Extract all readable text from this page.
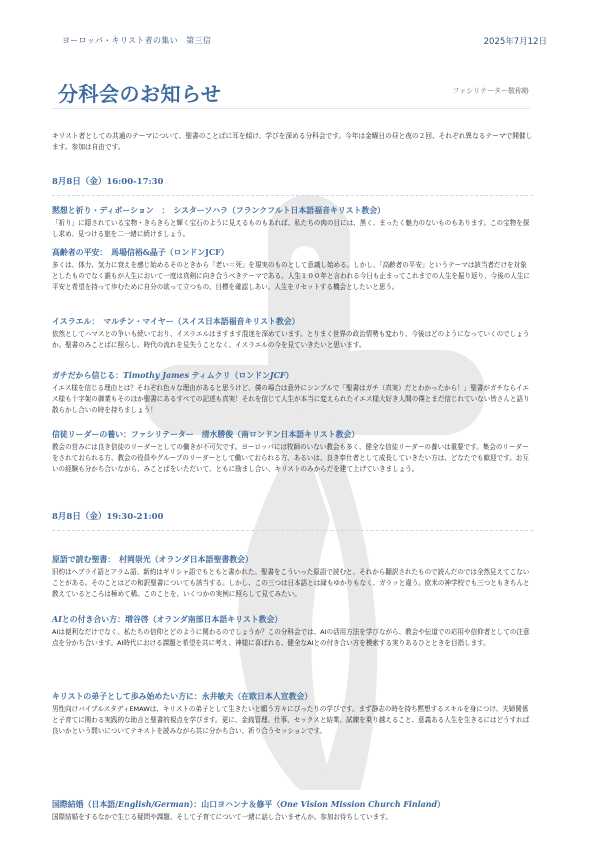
ヨーロッパ・キリスト者の集い　第三信	2025年7月12日
分科会のお知らせ	ファシリテーター敬称略

キリスト者としての共通のテーマについて、聖書のことばに耳を傾け、学びを深める分科会です。今年は金曜日の昼と夜の２回、それぞれ異なるテーマで開催します。参加は自由です。

8月8日（金）16:00-17:30
黙想と祈り・ディボーション　：　シスターソハラ（フランクフルト日本語福音キリスト教会）
「祈り」に隠されている宝物・きらきらと輝く宝石のように見えるものもあれば、私たちの肉の目には、黒く、まったく魅力のないものもあります。この宝物を探し求め、見つける旅を二一緒に続けましょう。
高齢者の平安：　馬場信裕&晶子（ロンドンJCF）
多くは、体力、気力に衰えを感じ始めるそのときから「老い＝死」を現実のものとして意識し始める。しかし、「高齢者の平安」というテーマは該当者だけを対象としたものでなく誰もが人生において一度は真剣に向き合うべきテーマである。人生１００年と言われる今日も止まってこれまでの人生を振り返り、今後の人生に平安と希望を持って歩むために自分の欲って立つもの、目標を確認しあい、人生をリセットする機会としたいと思う。
イスラエル：　マルチン・マイヤー（スイス日本語福音キリスト教会）
依然としてハマスとの争いも続いており、イスラエルはますます混迷を深めています。とりまく世界の政治情勢も変わり、今後はどのようになっていくのでしょうか。聖書のみことばに照らし、時代の流れを見失うことなく、イスラエルの今を見ていきたいと思います。
ガチだから信じる：Timothy James ティムクリ（ロンドンJCF）
イエス様を信じる理由とは？それぞれ色々な理由があると思うけど、僕の場合は意外にシンプルで「聖書はガチ（真実）だとわかったから！」聖書がガチならイエス様も十字架の御業もそのほか聖書にあるすべての記述も真実！それを信じて人生が本当に変えられたイエス様大好き人間の僕とまだ信じれていない皆さんと語り散らかし合いの時を持ちましょう！
信徒リーダーの養い：ファシリテーター　清水勝俊（南ロンドン日本語キリスト教会）
教会の営みには良き信徒のリーダーとしての働きが不可欠です。ヨーロッパには牧師のいない教会も多く、健全な信徒リーダーの養いは重要です。集会のリーダーをされておられる方、教会の役員やグループのリーダーとして働いておられる方、あるいは、良き奉仕者として成長していきたい方は、どなたでも歓迎です。お互いの経験も分かち合いながら、みことばをいただいて、ともに励まし合い、キリストのみからだを建て上げていきましょう。
8月8日（金）19:30-21:00
原語で読む聖書：　村岡崇光（オランダ日本語聖書教会）
旧約はヘブライ語とアラム語、新約はギリシャ語でもともと書かれた。聖書をこういった原語で読むと、それから翻訳されたもので読んだのでは全然見えてこないことがある。そのことはどの和訳聖書についても該当する。しかし、この三つは日本語とは縁もゆかりもなく、ガラッと違う。欧米の神学校でも三つともきちんと教えているところは極めて稀。このことを、いくつかの実例に照らして見てみたい。
AIとの付き合い方：増谷啓（オランダ南部日本語キリスト教会）
AIは便利なだけでなく、私たちの信仰とどのように関わるのでしょうか？この分科会では、AIの活用方法を学びながら、教会や伝道での応用や信仰者としての注意点を分かち合います。AI時代における課題と希望を共に考え、神様に喜ばれる、健全なAIとの付き合い方を模索する実りあるひとときを目指します。
キリストの弟子として歩み始めたい方に：永井敏夫（在欧日本人宣教会）
男性向けバイブルスタディEMAWは、キリストの弟子として生きたいと願う方々にぴったりの学びです。まず静志の時を持ち黙想するスキルを身につけ、夫婦関係と子育てに関わる実践的な助言と聖書的視点を学びます。更に、金銭管理、仕事、セックスと結業、試練を乗り越えること、意義ある人生を生きるにはどうすれば良いかという問いについてテキストを読みながら共に分かち合い、祈り合うセッションです。
国際結婚（日本語/English/German）：山口ヨハンナ＆修平（One Vision Mission Church Finland）
国際結婚をするなかで生じる疑問や課題、そして子育てについて一緒に話し合いませんか。参加お待ちしています。
